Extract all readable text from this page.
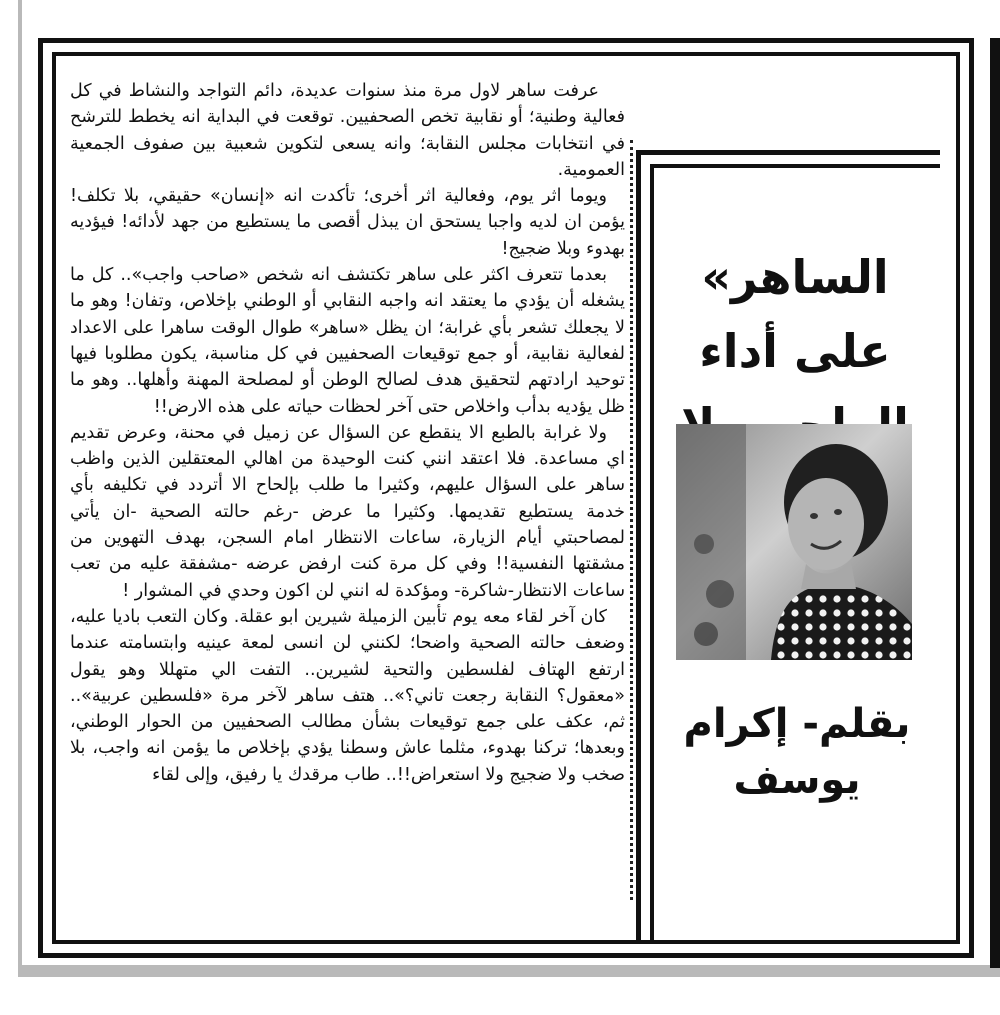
عرفت ساهر لاول مرة منذ سنوات عديدة، دائم التواجد والنشاط في كل فعالية وطنية؛ أو نقابية تخص الصحفيين. توقعت في البداية انه يخطط للترشح في انتخابات مجلس النقابة؛ وانه يسعى لتكوين شعبية بين صفوف الجمعية العمومية.

ويوما اثر يوم، وفعالية اثر أخرى؛ تأكدت انه «إنسان» حقيقي، بلا تكلف! يؤمن ان لديه واجبا يستحق ان يبذل أقصى ما يستطيع من جهد لأدائه! فيؤديه بهدوء وبلا ضجيج!

بعدما تتعرف اكثر على ساهر تكتشف انه شخص «صاحب واجب».. كل ما يشغله أن يؤدي ما يعتقد انه واجبه النقابي أو الوطني بإخلاص، وتفان! وهو ما لا يجعلك تشعر بأي غرابة؛ ان يظل «ساهر» طوال الوقت ساهرا على الاعداد لفعالية نقابية، أو جمع توقيعات الصحفيين في كل مناسبة، يكون مطلوبا فيها توحيد ارادتهم لتحقيق هدف لصالح الوطن أو لمصلحة المهنة وأهلها.. وهو ما ظل يؤديه بدأب واخلاص حتى آخر لحظات حياته على هذه الارض!!

ولا غرابة بالطبع الا ينقطع عن السؤال عن زميل في محنة، وعرض تقديم اي مساعدة. فلا اعتقد انني كنت الوحيدة من اهالي المعتقلين الذين واظب ساهر على السؤال عليهم، وكثيرا ما طلب بإلحاح الا أتردد في تكليفه بأي خدمة يستطيع تقديمها. وكثيرا ما عرض -رغم حالته الصحية -ان يأتي لمصاحبتي أيام الزيارة، ساعات الانتظار امام السجن، بهدف التهوين من مشقتها النفسية!! وفي كل مرة كنت ارفض عرضه -مشفقة عليه من تعب ساعات الانتظار-شاكرة- ومؤكدة له انني لن اكون وحدي في المشوار !

كان آخر لقاء معه يوم تأبين الزميلة شيرين ابو عقلة. وكان التعب باديا عليه، وضعف حالته الصحية واضحا؛ لكنني لن انسى لمعة عينيه وابتسامته عندما ارتفع الهتاف لفلسطين والتحية لشيرين.. التفت الي متهللا وهو يقول «معقول؟ النقابة رجعت تاني؟».. هتف ساهر لآخر مرة «فلسطين عربية».. ثم، عكف على جمع توقيعات بشأن مطالب الصحفيين من الحوار الوطني، وبعدها؛ تركنا بهدوء، مثلما عاش وسطنا يؤدي بإخلاص ما يؤمن انه واجب، بلا صخب ولا ضجيج ولا استعراض!!.. طاب مرقدك يا رفيق، وإلى لقاء

الساهر» على أداء
بقلم- إكرام يوسف
